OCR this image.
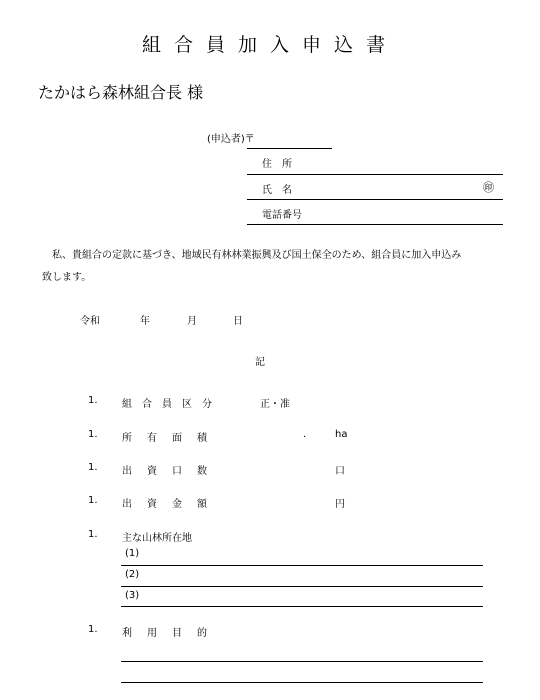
組合員加入申込書
たかはら森林組合長 様
(申込者)〒
住　所
氏　名	㊞
電話番号
私、貴組合の定款に基づき、地域民有林林業振興及び国土保全のため、組合員に加入申込み
致します。
令和	年	月	日
記
1. 組合員区分	正・准
1. 所有面積	.	ha
1. 出資口数	口
1. 出資金額	円
1. 主な山林所在地
(1)
(2)
(3)
1. 利用目的
